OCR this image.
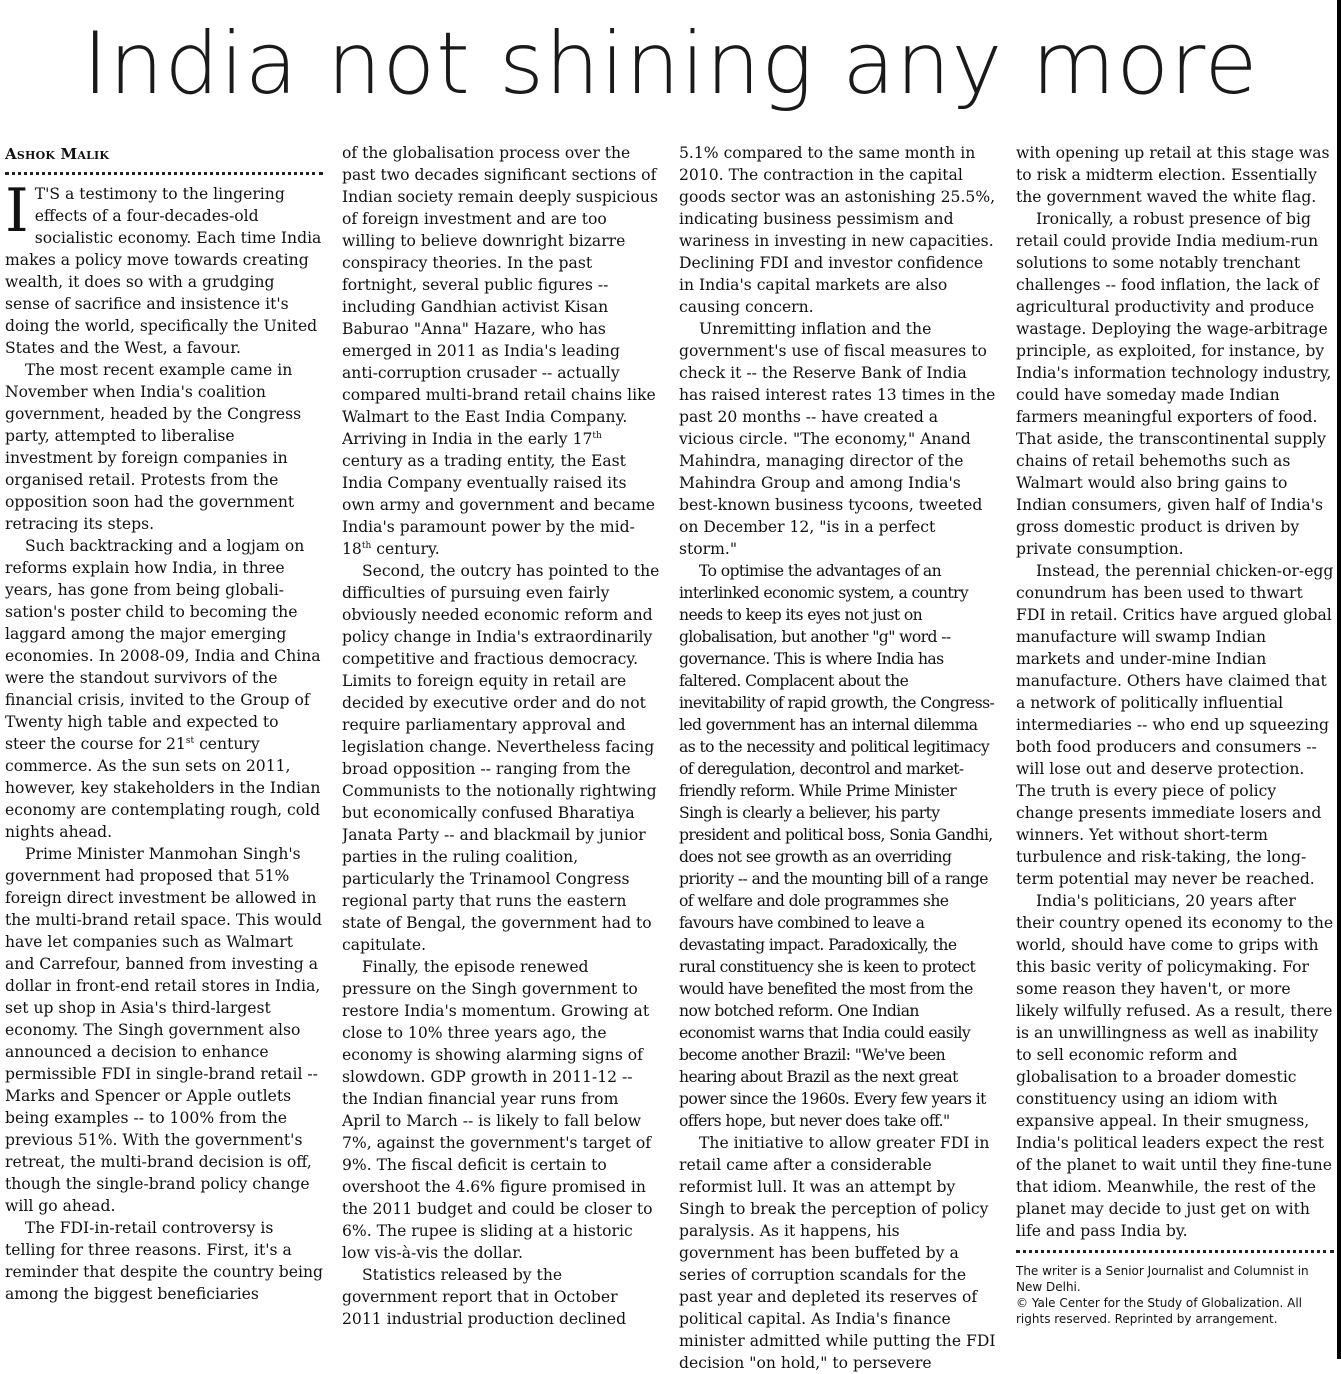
India not shining any more
Ashok Malik

I T'S a testimony to the lingering effects of a four-decades-old socialistic economy. Each time India makes a policy move towards creating wealth, it does so with a grudging sense of sacrifice and insistence it's doing the world, specifically the United States and the West, a favour.

The most recent example came in November when India's coalition government, headed by the Congress party, attempted to liberalise investment by foreign companies in organised retail. Protests from the opposition soon had the government retracing its steps.

Such backtracking and a logjam on reforms explain how India, in three years, has gone from being globali-sation's poster child to becoming the laggard among the major emerging economies. In 2008-09, India and China were the standout survivors of the financial crisis, invited to the Group of Twenty high table and expected to steer the course for 21st century commerce. As the sun sets on 2011, however, key stakeholders in the Indian economy are contemplating rough, cold nights ahead.

Prime Minister Manmohan Singh's government had proposed that 51% foreign direct investment be allowed in the multi-brand retail space. This would have let companies such as Walmart and Carrefour, banned from investing a dollar in front-end retail stores in India, set up shop in Asia's third-largest economy. The Singh government also announced a decision to enhance permissible FDI in single-brand retail -- Marks and Spencer or Apple outlets being examples -- to 100% from the previous 51%. With the government's retreat, the multi-brand decision is off, though the single-brand policy change will go ahead.

The FDI-in-retail controversy is telling for three reasons. First, it's a reminder that despite the country being among the biggest beneficiaries

of the globalisation process over the past two decades significant sections of Indian society remain deeply suspicious of foreign investment and are too willing to believe downright bizarre conspiracy theories. In the past fortnight, several public figures -- including Gandhian activist Kisan Baburao "Anna" Hazare, who has emerged in 2011 as India's leading anti-corruption crusader -- actually compared multi-brand retail chains like Walmart to the East India Company. Arriving in India in the early 17th century as a trading entity, the East India Company eventually raised its own army and government and became India's paramount power by the mid-18th century.

Second, the outcry has pointed to the difficulties of pursuing even fairly obviously needed economic reform and policy change in India's extraordinarily competitive and fractious democracy. Limits to foreign equity in retail are decided by executive order and do not require parliamentary approval and legislation change. Nevertheless facing broad opposition -- ranging from the Communists to the notionally rightwing but economically confused Bharatiya Janata Party -- and blackmail by junior parties in the ruling coalition, particularly the Trinamool Congress regional party that runs the eastern state of Bengal, the government had to capitulate.

Finally, the episode renewed pressure on the Singh government to restore India's momentum. Growing at close to 10% three years ago, the economy is showing alarming signs of slowdown. GDP growth in 2011-12 -- the Indian financial year runs from April to March -- is likely to fall below 7%, against the government's target of 9%. The fiscal deficit is certain to overshoot the 4.6% figure promised in the 2011 budget and could be closer to 6%. The rupee is sliding at a historic low vis-à-vis the dollar.

Statistics released by the government report that in October 2011 industrial production declined

5.1% compared to the same month in 2010. The contraction in the capital goods sector was an astonishing 25.5%, indicating business pessimism and wariness in investing in new capacities. Declining FDI and investor confidence in India's capital markets are also causing concern.

Unremitting inflation and the government's use of fiscal measures to check it -- the Reserve Bank of India has raised interest rates 13 times in the past 20 months -- have created a vicious circle. "The economy," Anand Mahindra, managing director of the Mahindra Group and among India's best-known business tycoons, tweeted on December 12, "is in a perfect storm."

To optimise the advantages of an interlinked economic system, a country needs to keep its eyes not just on globalisation, but another "g" word -- governance. This is where India has faltered. Complacent about the inevitability of rapid growth, the Congress-led government has an internal dilemma as to the necessity and political legitimacy of deregulation, decontrol and market-friendly reform. While Prime Minister Singh is clearly a believer, his party president and political boss, Sonia Gandhi, does not see growth as an overriding priority -- and the mounting bill of a range of welfare and dole programmes she favours have combined to leave a devastating impact. Paradoxically, the rural constituency she is keen to protect would have benefited the most from the now botched reform. One Indian economist warns that India could easily become another Brazil: "We've been hearing about Brazil as the next great power since the 1960s. Every few years it offers hope, but never does take off."

The initiative to allow greater FDI in retail came after a considerable reformist lull. It was an attempt by Singh to break the perception of policy paralysis. As it happens, his government has been buffeted by a series of corruption scandals for the past year and depleted its reserves of political capital. As India's finance minister admitted while putting the FDI decision "on hold," to persevere

with opening up retail at this stage was to risk a midterm election. Essentially the government waved the white flag.

Ironically, a robust presence of big retail could provide India medium-run solutions to some notably trenchant challenges -- food inflation, the lack of agricultural productivity and produce wastage. Deploying the wage-arbitrage principle, as exploited, for instance, by India's information technology industry, could have someday made Indian farmers meaningful exporters of food. That aside, the transcontinental supply chains of retail behemoths such as Walmart would also bring gains to Indian consumers, given half of India's gross domestic product is driven by private consumption.

Instead, the perennial chicken-or-egg conundrum has been used to thwart FDI in retail. Critics have argued global manufacture will swamp Indian markets and under-mine Indian manufacture. Others have claimed that a network of politically influential intermediaries -- who end up squeezing both food producers and consumers -- will lose out and deserve protection. The truth is every piece of policy change presents immediate losers and winners. Yet without short-term turbulence and risk-taking, the long-term potential may never be reached.

India's politicians, 20 years after their country opened its economy to the world, should have come to grips with this basic verity of policymaking. For some reason they haven't, or more likely wilfully refused. As a result, there is an unwillingness as well as inability to sell economic reform and globalisation to a broader domestic constituency using an idiom with expansive appeal. In their smugness, India's political leaders expect the rest of the planet to wait until they fine-tune that idiom. Meanwhile, the rest of the planet may decide to just get on with life and pass India by.

The writer is a Senior Journalist and Columnist in New Delhi.

© Yale Center for the Study of Globalization. All rights reserved. Reprinted by arrangement.
